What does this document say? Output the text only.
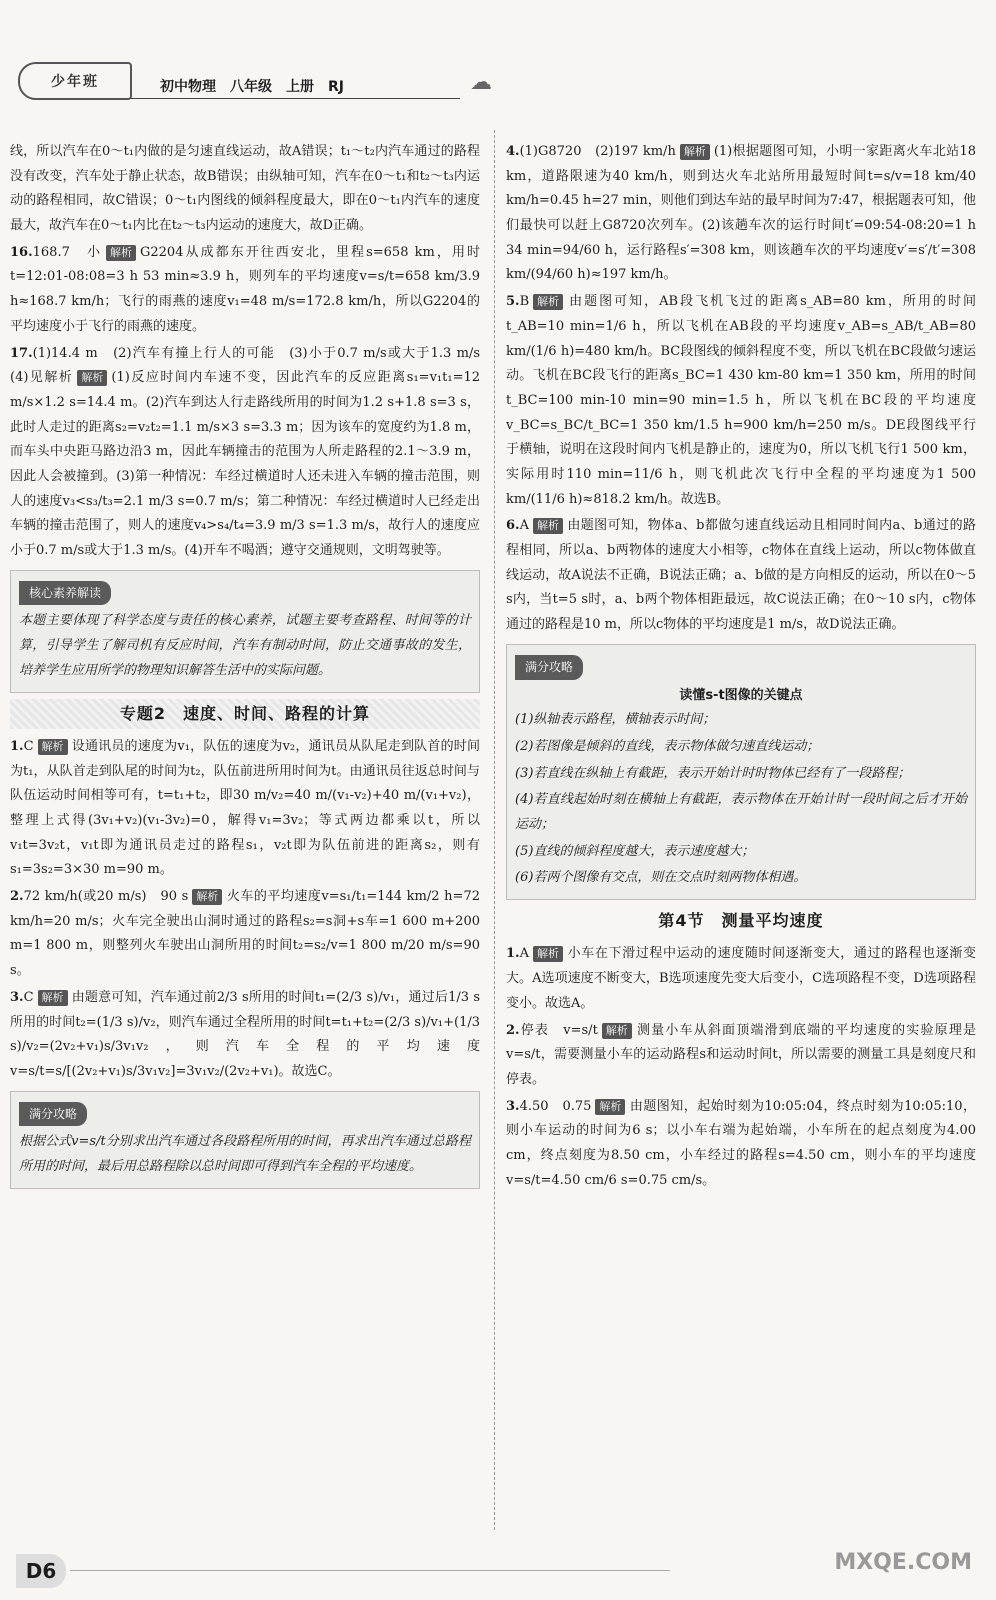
少年班	初中物理　八年级　上册　RJ	☁

线，所以汽车在0～t₁内做的是匀速直线运动，故A错误；t₁～t₂内汽车通过的路程没有改变，汽车处于静止状态，故B错误；由纵轴可知，汽车在0～t₁和t₂～t₃内运动的路程相同，故C错误；0～t₁内图线的倾斜程度最大，即在0～t₁内汽车的速度最大，故汽车在0～t₁内比在t₂～t₃内运动的速度大，故D正确。

16.168.7　小 解析 G2204从成都东开往西安北，里程s=658 km，用时t=12:01-08:08=3 h 53 min≈3.9 h，则列车的平均速度v=s/t=658 km/3.9 h≈168.7 km/h；飞行的雨燕的速度v₁=48 m/s=172.8 km/h，所以G2204的平均速度小于飞行的雨燕的速度。

17.(1)14.4 m　(2)汽车有撞上行人的可能　(3)小于0.7 m/s或大于1.3 m/s　(4)见解析 解析 (1)反应时间内车速不变，因此汽车的反应距离s₁=v₁t₁=12 m/s×1.2 s=14.4 m。(2)汽车到达人行走路线所用的时间为1.2 s+1.8 s=3 s，此时人走过的距离s₂=v₂t₂=1.1 m/s×3 s=3.3 m；因为该车的宽度约为1.8 m，而车头中央距马路边沿3 m，因此车辆撞击的范围为人所走路程的2.1～3.9 m，因此人会被撞到。(3)第一种情况：车经过横道时人还未进入车辆的撞击范围，则人的速度v₃<s₃/t₃=2.1 m/3 s=0.7 m/s；第二种情况：车经过横道时人已经走出车辆的撞击范围了，则人的速度v₄>s₄/t₄=3.9 m/3 s=1.3 m/s，故行人的速度应小于0.7 m/s或大于1.3 m/s。(4)开车不喝酒；遵守交通规则，文明驾驶等。

核心素养解读

本题主要体现了科学态度与责任的核心素养，试题主要考查路程、时间等的计算，引导学生了解司机有反应时间，汽车有制动时间，防止交通事故的发生，培养学生应用所学的物理知识解答生活中的实际问题。

专题2　速度、时间、路程的计算

1.C 解析 设通讯员的速度为v₁，队伍的速度为v₂，通讯员从队尾走到队首的时间为t₁，从队首走到队尾的时间为t₂，队伍前进所用时间为t。由通讯员往返总时间与队伍运动时间相等可有，t=t₁+t₂，即30 m/v₂=40 m/(v₁-v₂)+40 m/(v₁+v₂)，整理上式得(3v₁+v₂)(v₁-3v₂)=0，解得v₁=3v₂；等式两边都乘以t，所以v₁t=3v₂t，v₁t即为通讯员走过的路程s₁，v₂t即为队伍前进的距离s₂，则有s₁=3s₂=3×30 m=90 m。

2.72 km/h(或20 m/s)　90 s 解析 火车的平均速度v=s₁/t₁=144 km/2 h=72 km/h=20 m/s；火车完全驶出山洞时通过的路程s₂=s洞+s车=1 600 m+200 m=1 800 m，则整列火车驶出山洞所用的时间t₂=s₂/v=1 800 m/20 m/s=90 s。

3.C 解析 由题意可知，汽车通过前2/3 s所用的时间t₁=(2/3 s)/v₁，通过后1/3 s所用的时间t₂=(1/3 s)/v₂，则汽车通过全程所用的时间t=t₁+t₂=(2/3 s)/v₁+(1/3 s)/v₂=(2v₂+v₁)s/3v₁v₂，则汽车全程的平均速度v=s/t=s/[(2v₂+v₁)s/3v₁v₂]=3v₁v₂/(2v₂+v₁)。故选C。

满分攻略

根据公式v=s/t分别求出汽车通过各段路程所用的时间，再求出汽车通过总路程所用的时间，最后用总路程除以总时间即可得到汽车全程的平均速度。

4.(1)G8720　(2)197 km/h 解析 (1)根据题图可知，小明一家距离火车北站18 km，道路限速为40 km/h，则到达火车北站所用最短时间t=s/v=18 km/40 km/h=0.45 h=27 min，则他们到达车站的最早时间为7:47，根据题表可知，他们最快可以赶上G8720次列车。(2)该趟车次的运行时间t′=09:54-08:20=1 h 34 min=94/60 h，运行路程s′=308 km，则该趟车次的平均速度v′=s′/t′=308 km/(94/60 h)≈197 km/h。

5.B 解析 由题图可知，AB段飞机飞过的距离s_AB=80 km，所用的时间t_AB=10 min=1/6 h，所以飞机在AB段的平均速度v_AB=s_AB/t_AB=80 km/(1/6 h)=480 km/h。BC段图线的倾斜程度不变，所以飞机在BC段做匀速运动。飞机在BC段飞行的距离s_BC=1 430 km-80 km=1 350 km，所用的时间t_BC=100 min-10 min=90 min=1.5 h，所以飞机在BC段的平均速度v_BC=s_BC/t_BC=1 350 km/1.5 h=900 km/h=250 m/s。DE段图线平行于横轴，说明在这段时间内飞机是静止的，速度为0，所以飞机飞行1 500 km，实际用时110 min=11/6 h，则飞机此次飞行中全程的平均速度为1 500 km/(11/6 h)≈818.2 km/h。故选B。

6.A 解析 由题图可知，物体a、b都做匀速直线运动且相同时间内a、b通过的路程相同，所以a、b两物体的速度大小相等，c物体在直线上运动，所以c物体做直线运动，故A说法不正确，B说法正确；a、b做的是方向相反的运动，所以在0～5 s内，当t=5 s时，a、b两个物体相距最远，故C说法正确；在0～10 s内，c物体通过的路程是10 m，所以c物体的平均速度是1 m/s，故D说法正确。

满分攻略
读懂s-t图像的关键点

(1)纵轴表示路程，横轴表示时间；

(2)若图像是倾斜的直线，表示物体做匀速直线运动；

(3)若直线在纵轴上有截距，表示开始计时时物体已经有了一段路程；

(4)若直线起始时刻在横轴上有截距，表示物体在开始计时一段时间之后才开始运动；

(5)直线的倾斜程度越大，表示速度越大；

(6)若两个图像有交点，则在交点时刻两物体相遇。

第4节　测量平均速度

1.A 解析 小车在下滑过程中运动的速度随时间逐渐变大，通过的路程也逐渐变大。A选项速度不断变大，B选项速度先变大后变小，C选项路程不变，D选项路程变小。故选A。

2.停表　v=s/t 解析 测量小车从斜面顶端滑到底端的平均速度的实验原理是v=s/t，需要测量小车的运动路程s和运动时间t，所以需要的测量工具是刻度尺和停表。

3.4.50　0.75 解析 由题图知，起始时刻为10:05:04，终点时刻为10:05:10，则小车运动的时间为6 s；以小车右端为起始端，小车所在的起点刻度为4.00 cm，终点刻度为8.50 cm，小车经过的路程s=4.50 cm，则小车的平均速度v=s/t=4.50 cm/6 s=0.75 cm/s。

D6	MXQE.COM
